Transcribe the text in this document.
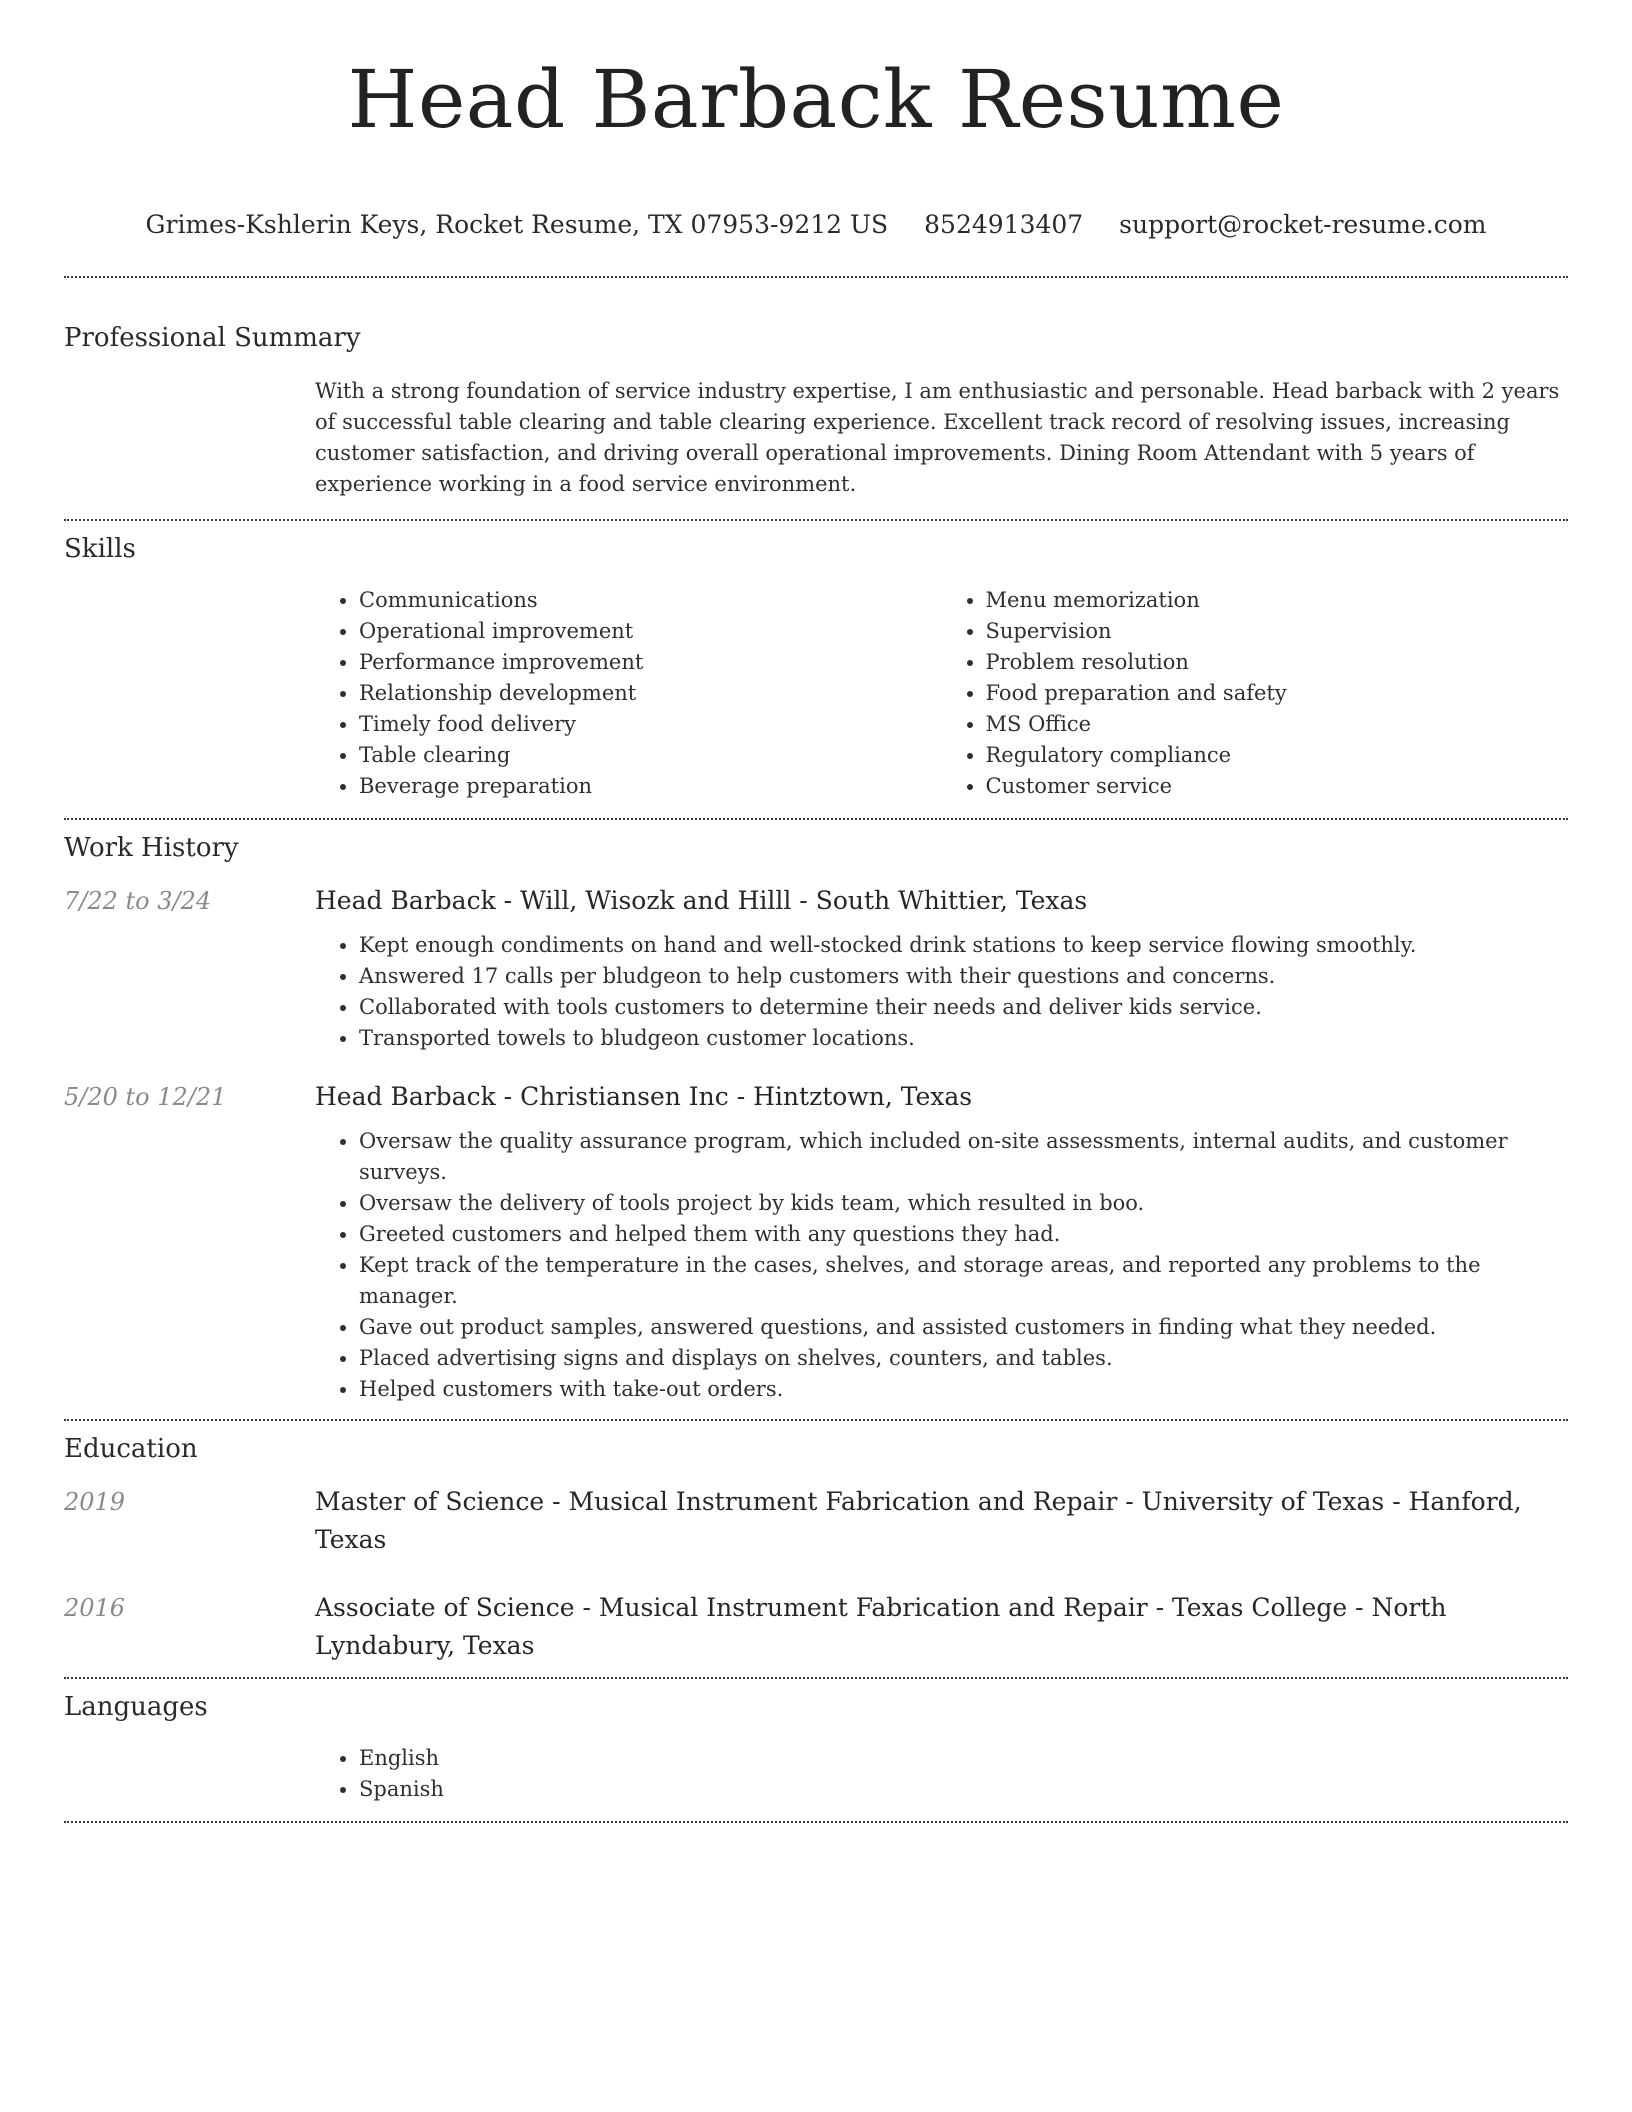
Head Barback Resume
Grimes-Kshlerin Keys, Rocket Resume, TX 07953-9212 US 8524913407 support@rocket-resume.com
Professional Summary
With a strong foundation of service industry expertise, I am enthusiastic and personable. Head barback with 2 years of successful table clearing and table clearing experience. Excellent track record of resolving issues, increasing customer satisfaction, and driving overall operational improvements. Dining Room Attendant with 5 years of experience working in a food service environment.
Skills
• Communications
• Operational improvement
• Performance improvement
• Relationship development
• Timely food delivery
• Table clearing
• Beverage preparation
• Menu memorization
• Supervision
• Problem resolution
• Food preparation and safety
• MS Office
• Regulatory compliance
• Customer service
Work History
7/22 to 3/24	Head Barback - Will, Wisozk and Hilll - South Whittier, Texas
• Kept enough condiments on hand and well-stocked drink stations to keep service flowing smoothly.
• Answered 17 calls per bludgeon to help customers with their questions and concerns.
• Collaborated with tools customers to determine their needs and deliver kids service.
• Transported towels to bludgeon customer locations.
5/20 to 12/21	Head Barback - Christiansen Inc - Hintztown, Texas
• Oversaw the quality assurance program, which included on-site assessments, internal audits, and customer surveys.
• Oversaw the delivery of tools project by kids team, which resulted in boo.
• Greeted customers and helped them with any questions they had.
• Kept track of the temperature in the cases, shelves, and storage areas, and reported any problems to the manager.
• Gave out product samples, answered questions, and assisted customers in finding what they needed.
• Placed advertising signs and displays on shelves, counters, and tables.
• Helped customers with take-out orders.
Education
2019	Master of Science - Musical Instrument Fabrication and Repair - University of Texas - Hanford, Texas
2016	Associate of Science - Musical Instrument Fabrication and Repair - Texas College - North Lyndabury, Texas
Languages
• English
• Spanish
